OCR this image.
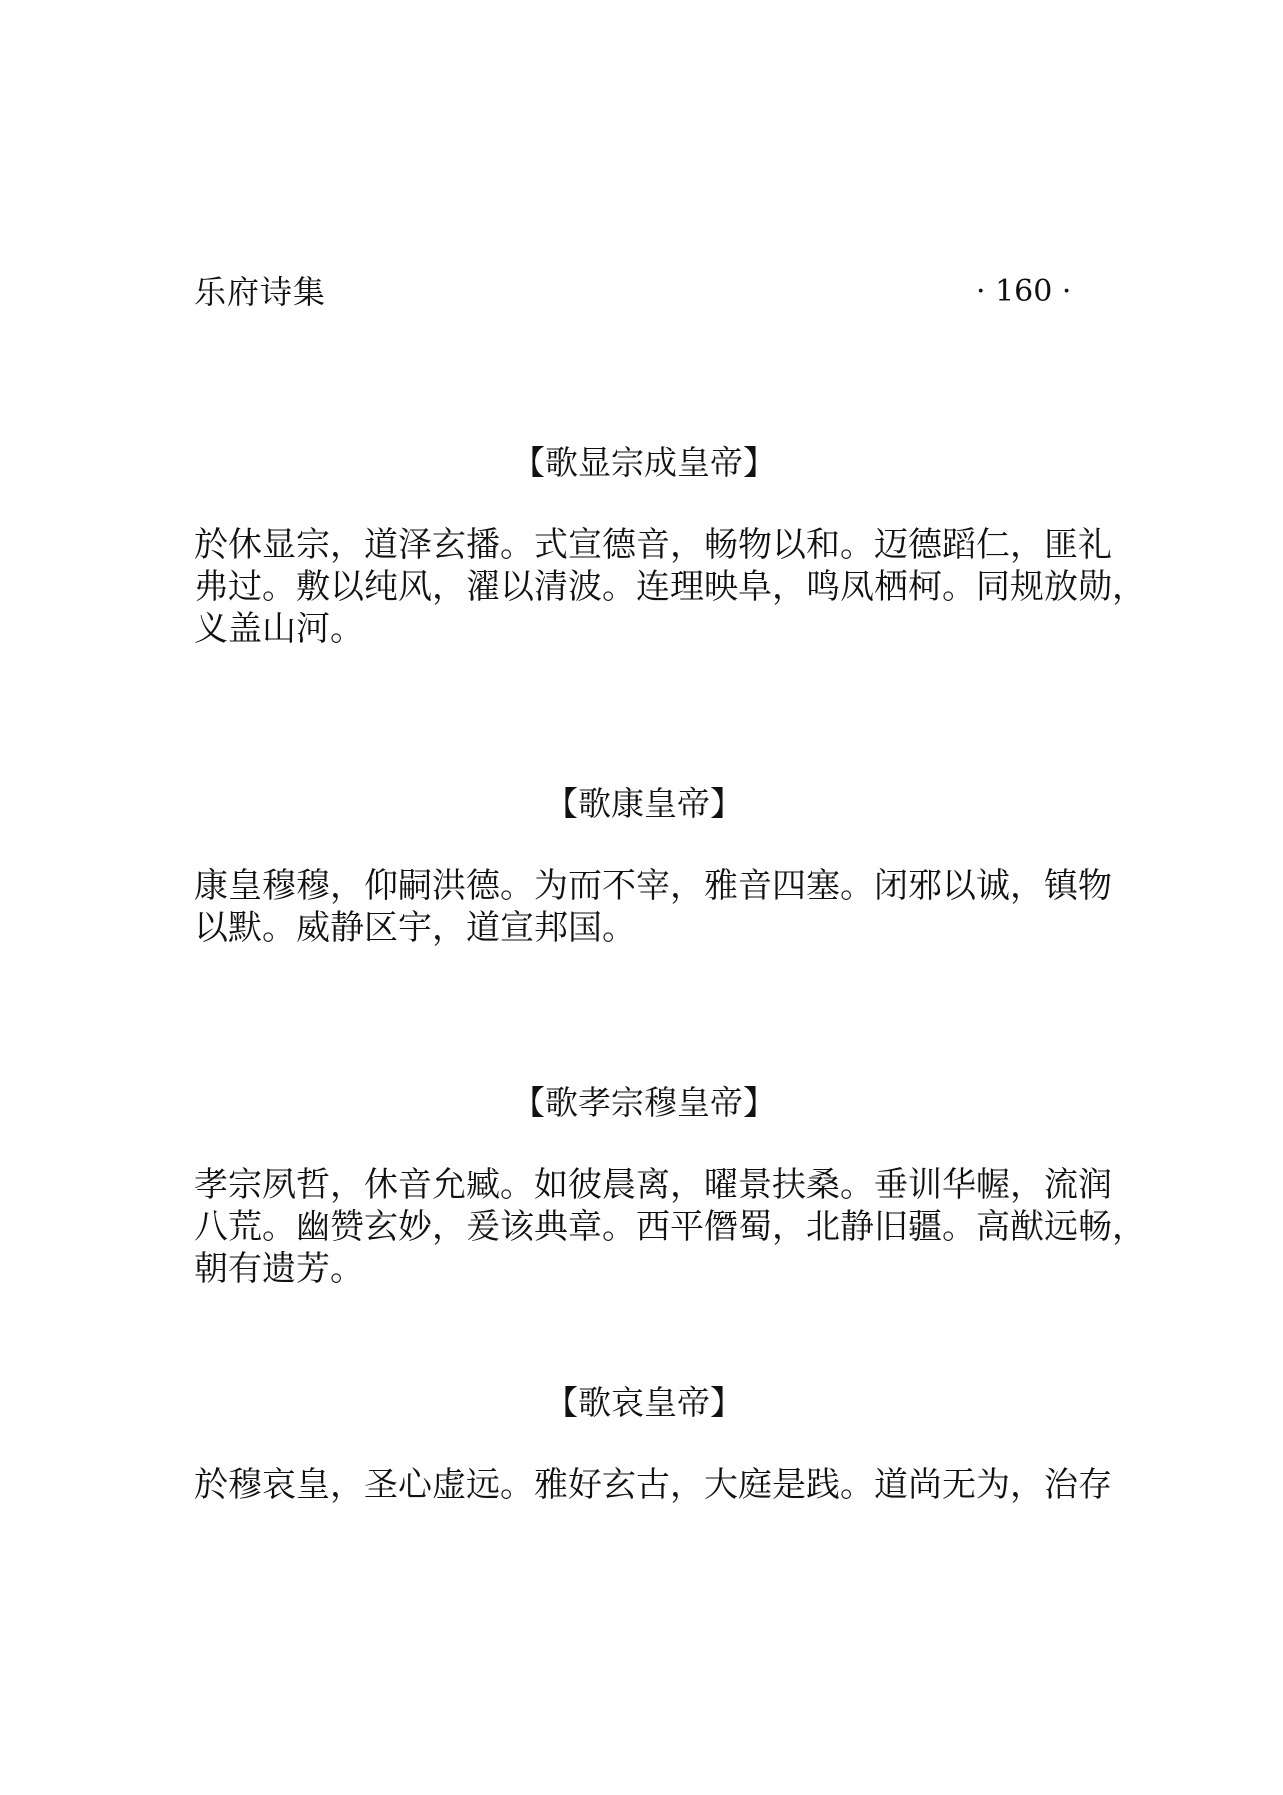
乐府诗集	· 160 ·
【歌显宗成皇帝】
於休显宗，道泽玄播。式宣德音，畅物以和。迈德蹈仁，匪礼
弗过。敷以纯风，濯以清波。连理映阜，鸣凤栖柯。同规放勋，
义盖山河。
【歌康皇帝】
康皇穆穆，仰嗣洪德。为而不宰，雅音四塞。闭邪以诚，镇物
以默。威静区宇，道宣邦国。
【歌孝宗穆皇帝】
孝宗夙哲，休音允臧。如彼晨离，曜景扶桑。垂训华幄，流润
八荒。幽赞玄妙，爰该典章。西平僭蜀，北静旧疆。高猷远畅，
朝有遗芳。
【歌哀皇帝】
於穆哀皇，圣心虚远。雅好玄古，大庭是践。道尚无为，治存
